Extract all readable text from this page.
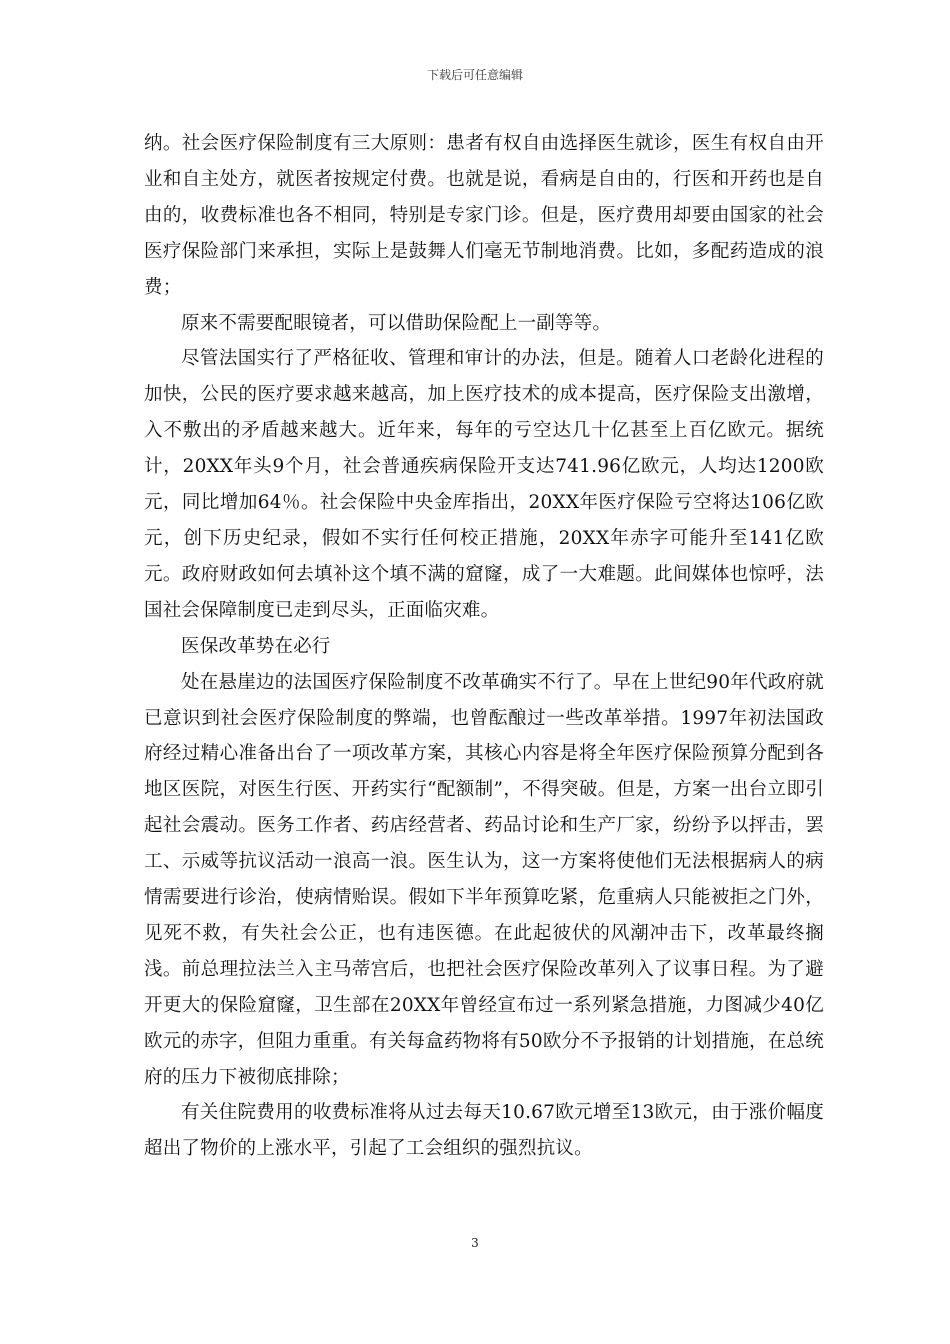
下载后可任意编辑

纳。社会医疗保险制度有三大原则：患者有权自由选择医生就诊，医生有权自由开业和自主处方，就医者按规定付费。也就是说，看病是自由的，行医和开药也是自由的，收费标准也各不相同，特别是专家门诊。但是，医疗费用却要由国家的社会医疗保险部门来承担，实际上是鼓舞人们毫无节制地消费。比如，多配药造成的浪费；

原来不需要配眼镜者，可以借助保险配上一副等等。

尽管法国实行了严格征收、管理和审计的办法，但是。随着人口老龄化进程的加快，公民的医疗要求越来越高，加上医疗技术的成本提高，医疗保险支出激增，入不敷出的矛盾越来越大。近年来，每年的亏空达几十亿甚至上百亿欧元。据统计，20XX年头9个月，社会普通疾病保险开支达741.96亿欧元，人均达1200欧元，同比增加64％。社会保险中央金库指出，20XX年医疗保险亏空将达106亿欧元，创下历史纪录，假如不实行任何校正措施，20XX年赤字可能升至141亿欧元。政府财政如何去填补这个填不满的窟窿，成了一大难题。此间媒体也惊呼，法国社会保障制度已走到尽头，正面临灾难。

医保改革势在必行

处在悬崖边的法国医疗保险制度不改革确实不行了。早在上世纪90年代政府就已意识到社会医疗保险制度的弊端，也曾酝酿过一些改革举措。1997年初法国政府经过精心准备出台了一项改革方案，其核心内容是将全年医疗保险预算分配到各地区医院，对医生行医、开药实行“配额制”，不得突破。但是，方案一出台立即引起社会震动。医务工作者、药店经营者、药品讨论和生产厂家，纷纷予以抨击，罢工、示威等抗议活动一浪高一浪。医生认为，这一方案将使他们无法根据病人的病情需要进行诊治，使病情贻误。假如下半年预算吃紧，危重病人只能被拒之门外，见死不救，有失社会公正，也有违医德。在此起彼伏的风潮冲击下，改革最终搁浅。前总理拉法兰入主马蒂宫后，也把社会医疗保险改革列入了议事日程。为了避开更大的保险窟窿，卫生部在20XX年曾经宣布过一系列紧急措施，力图减少40亿欧元的赤字，但阻力重重。有关每盒药物将有50欧分不予报销的计划措施，在总统府的压力下被彻底排除；

有关住院费用的收费标准将从过去每天10.67欧元增至13欧元，由于涨价幅度超出了物价的上涨水平，引起了工会组织的强烈抗议。

3
